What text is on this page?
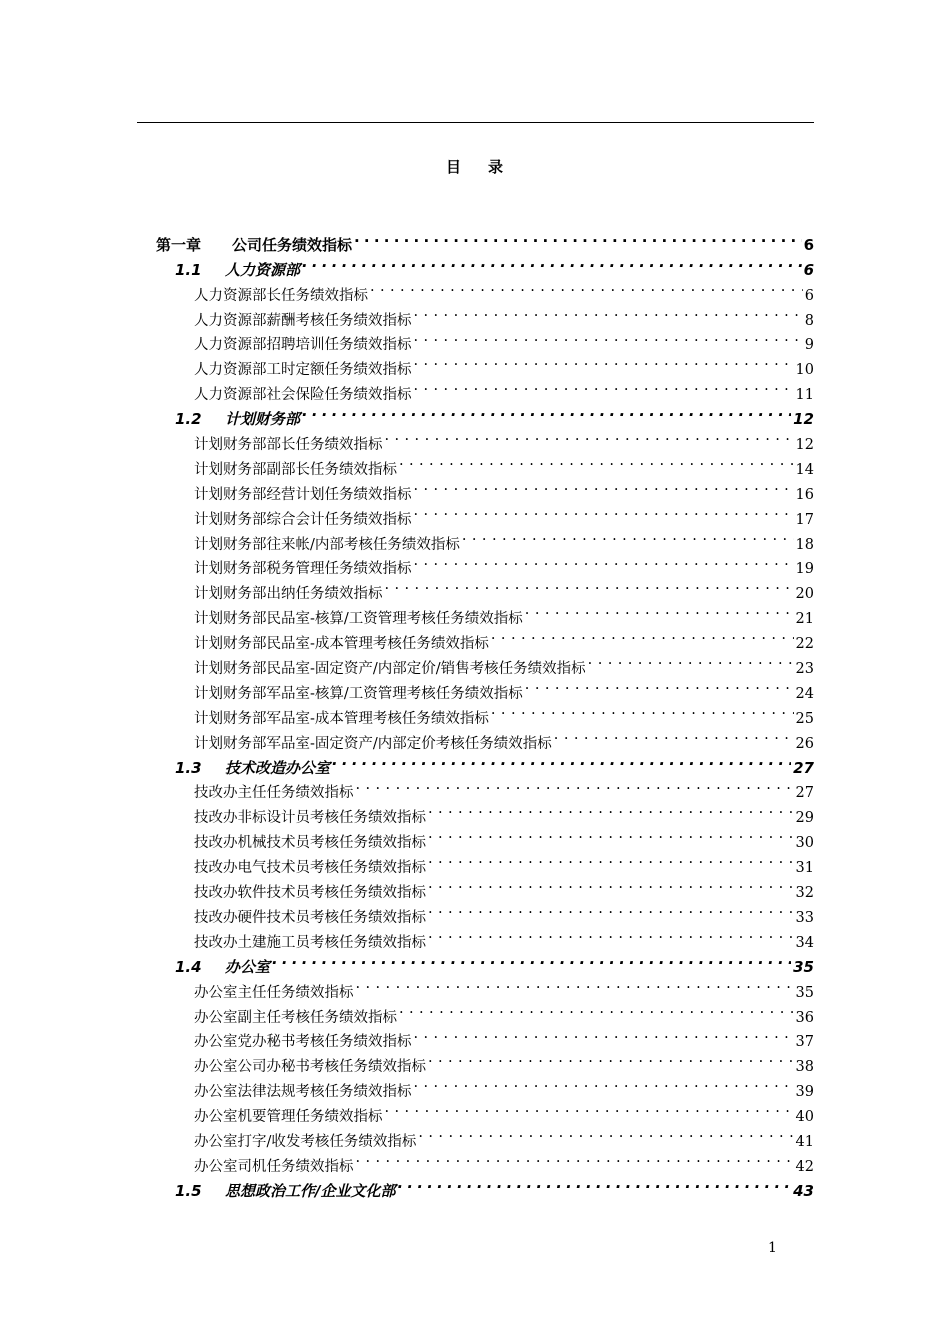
目 录
第一章 公司任务绩效指标 . . .	6
1.1 人力资源部 . . .	6
人力资源部长任务绩效指标 . . .	6
人力资源部薪酬考核任务绩效指标 . . .	8
人力资源部招聘培训任务绩效指标 . . .	9
人力资源部工时定额任务绩效指标 . . .	10
人力资源部社会保险任务绩效指标 . . .	11
1.2 计划财务部 . . .	12
计划财务部部长任务绩效指标 . . .	12
计划财务部副部长任务绩效指标 . . .	14
计划财务部经营计划任务绩效指标 . . .	16
计划财务部综合会计任务绩效指标 . . .	17
计划财务部往来帐/内部考核任务绩效指标 . . .	18
计划财务部税务管理任务绩效指标 . . .	19
计划财务部出纳任务绩效指标 . . .	20
计划财务部民品室-核算/工资管理考核任务绩效指标 . . .	21
计划财务部民品室-成本管理考核任务绩效指标 . . .	22
计划财务部民品室-固定资产/内部定价/销售考核任务绩效指标 . . .	23
计划财务部军品室-核算/工资管理考核任务绩效指标 . . .	24
计划财务部军品室-成本管理考核任务绩效指标 . . .	25
计划财务部军品室-固定资产/内部定价考核任务绩效指标 . . .	26
1.3 技术改造办公室 . . .	27
技改办主任任务绩效指标 . . .	27
技改办非标设计员考核任务绩效指标 . . .	29
技改办机械技术员考核任务绩效指标 . . .	30
技改办电气技术员考核任务绩效指标 . . .	31
技改办软件技术员考核任务绩效指标 . . .	32
技改办硬件技术员考核任务绩效指标 . . .	33
技改办土建施工员考核任务绩效指标 . . .	34
1.4 办公室 . . .	35
办公室主任任务绩效指标 . . .	35
办公室副主任考核任务绩效指标 . . .	36
办公室党办秘书考核任务绩效指标 . . .	37
办公室公司办秘书考核任务绩效指标 . . .	38
办公室法律法规考核任务绩效指标 . . .	39
办公室机要管理任务绩效指标 . . .	40
办公室打字/收发考核任务绩效指标 . . .	41
办公室司机任务绩效指标 . . .	42
1.5 思想政治工作/企业文化部 . . .	43
1
